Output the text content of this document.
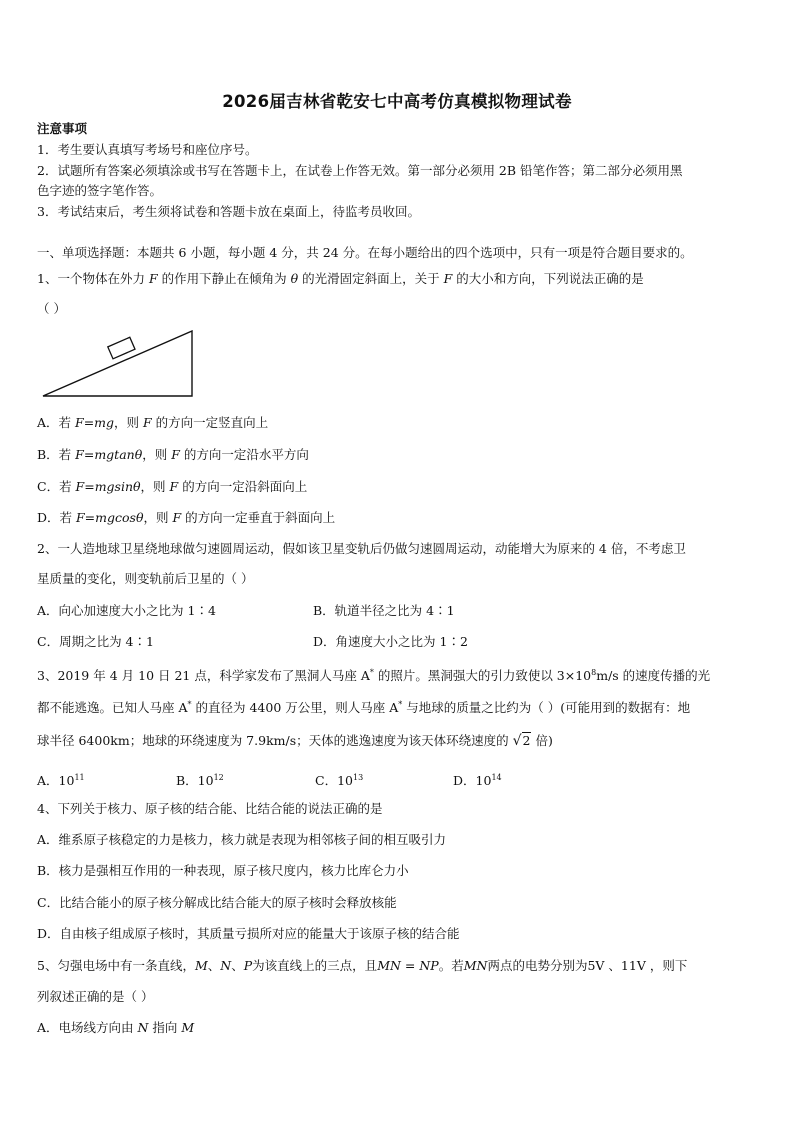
2026届吉林省乾安七中高考仿真模拟物理试卷
注意事项
1．考生要认真填写考场号和座位序号。
2．试题所有答案必须填涂或书写在答题卡上，在试卷上作答无效。第一部分必须用 2B 铅笔作答；第二部分必须用黑
色字迹的签字笔作答。
3．考试结束后，考生须将试卷和答题卡放在桌面上，待监考员收回。
一、单项选择题：本题共 6 小题，每小题 4 分，共 24 分。在每小题给出的四个选项中，只有一项是符合题目要求的。
1、一个物体在外力 F 的作用下静止在倾角为 θ 的光滑固定斜面上，关于 F 的大小和方向，下列说法正确的是
（ ）
A．若 F=mg，则 F 的方向一定竖直向上
B．若 F=mgtanθ，则 F 的方向一定沿水平方向
C．若 F=mgsinθ，则 F 的方向一定沿斜面向上
D．若 F=mgcosθ，则 F 的方向一定垂直于斜面向上
2、一人造地球卫星绕地球做匀速圆周运动，假如该卫星变轨后仍做匀速圆周运动，动能增大为原来的 4 倍，不考虑卫
星质量的变化，则变轨前后卫星的（ ）
A．向心加速度大小之比为 1∶4	B．轨道半径之比为 4∶1
C．周期之比为 4∶1	D．角速度大小之比为 1∶2
3、2019 年 4 月 10 日 21 点，科学家发布了黑洞人马座 A* 的照片。黑洞强大的引力致使以 $3\times 10^8m/s$ 的速度传播的光
都不能逃逸。已知人马座 A* 的直径为 4400 万公里，则人马座 A* 与地球的质量之比约为（ ）(可能用到的数据有：地
球半径 6400km；地球的环绕速度为 7.9km/s；天体的逃逸速度为该天体环绕速度的 √2 倍)
A．$10^{11}$	B．$10^{12}$	C．$10^{13}$	D．$10^{14}$
4、下列关于核力、原子核的结合能、比结合能的说法正确的是
A．维系原子核稳定的力是核力，核力就是表现为相邻核子间的相互吸引力
B．核力是强相互作用的一种表现，原子核尺度内，核力比库仑力小
C．比结合能小的原子核分解成比结合能大的原子核时会释放核能
D．自由核子组成原子核时，其质量亏损所对应的能量大于该原子核的结合能
5、匀强电场中有一条直线，M、N、P为该直线上的三点，且MN = NP。若MN两点的电势分别为5V 、11V ，则下
列叙述正确的是（ ）
A．电场线方向由 N 指向 M
